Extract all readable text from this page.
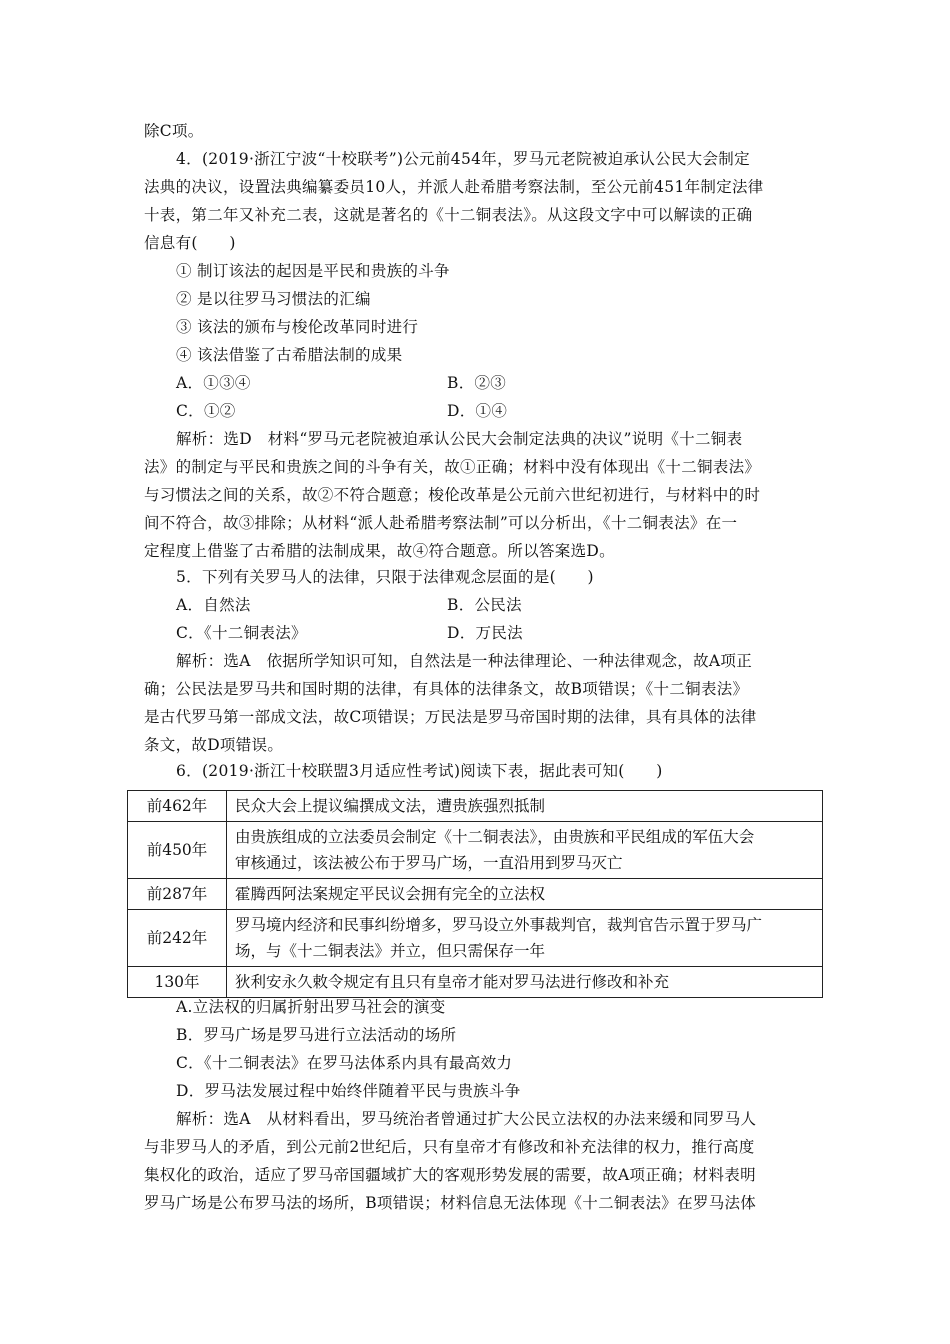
除C项。
4．(2019·浙江宁波“十校联考”)公元前454年，罗马元老院被迫承认公民大会制定
法典的决议，设置法典编纂委员10人，并派人赴希腊考察法制，至公元前451年制定法律
十表，第二年又补充二表，这就是著名的《十二铜表法》。从这段文字中可以解读的正确
信息有(　　)
① 制订该法的起因是平民和贵族的斗争
② 是以往罗马习惯法的汇编
③ 该法的颁布与梭伦改革同时进行
④ 该法借鉴了古希腊法制的成果
A．①③④	B．②③
C．①②	D．①④
解析：选D　材料“罗马元老院被迫承认公民大会制定法典的决议”说明《十二铜表
法》的制定与平民和贵族之间的斗争有关，故①正确；材料中没有体现出《十二铜表法》
与习惯法之间的关系，故②不符合题意；梭伦改革是公元前六世纪初进行，与材料中的时
间不符合，故③排除；从材料“派人赴希腊考察法制”可以分析出，《十二铜表法》在一
定程度上借鉴了古希腊的法制成果，故④符合题意。所以答案选D。
5．下列有关罗马人的法律，只限于法律观念层面的是(　　)
A．自然法	B．公民法
C．《十二铜表法》	D．万民法
解析：选A　依据所学知识可知，自然法是一种法律理论、一种法律观念，故A项正
确；公民法是罗马共和国时期的法律，有具体的法律条文，故B项错误；《十二铜表法》
是古代罗马第一部成文法，故C项错误；万民法是罗马帝国时期的法律，具有具体的法律
条文，故D项错误。
6．(2019·浙江十校联盟3月适应性考试)阅读下表，据此表可知(　　)
前462年	民众大会上提议编撰成文法，遭贵族强烈抵制
前450年	由贵族组成的立法委员会制定《十二铜表法》，由贵族和平民组成的军伍大会
审核通过，该法被公布于罗马广场，一直沿用到罗马灭亡

前287年	霍腾西阿法案规定平民议会拥有完全的立法权
前242年	罗马境内经济和民事纠纷增多，罗马设立外事裁判官，裁判官告示置于罗马广
场，与《十二铜表法》并立，但只需保存一年

130年	狄利安永久敕令规定有且只有皇帝才能对罗马法进行修改和补充
A.立法权的归属折射出罗马社会的演变
B．罗马广场是罗马进行立法活动的场所
C．《十二铜表法》在罗马法体系内具有最高效力
D．罗马法发展过程中始终伴随着平民与贵族斗争
解析：选A　从材料看出，罗马统治者曾通过扩大公民立法权的办法来缓和同罗马人
与非罗马人的矛盾，到公元前2世纪后，只有皇帝才有修改和补充法律的权力，推行高度
集权化的政治，适应了罗马帝国疆域扩大的客观形势发展的需要，故A项正确；材料表明
罗马广场是公布罗马法的场所，B项错误；材料信息无法体现《十二铜表法》在罗马法体
